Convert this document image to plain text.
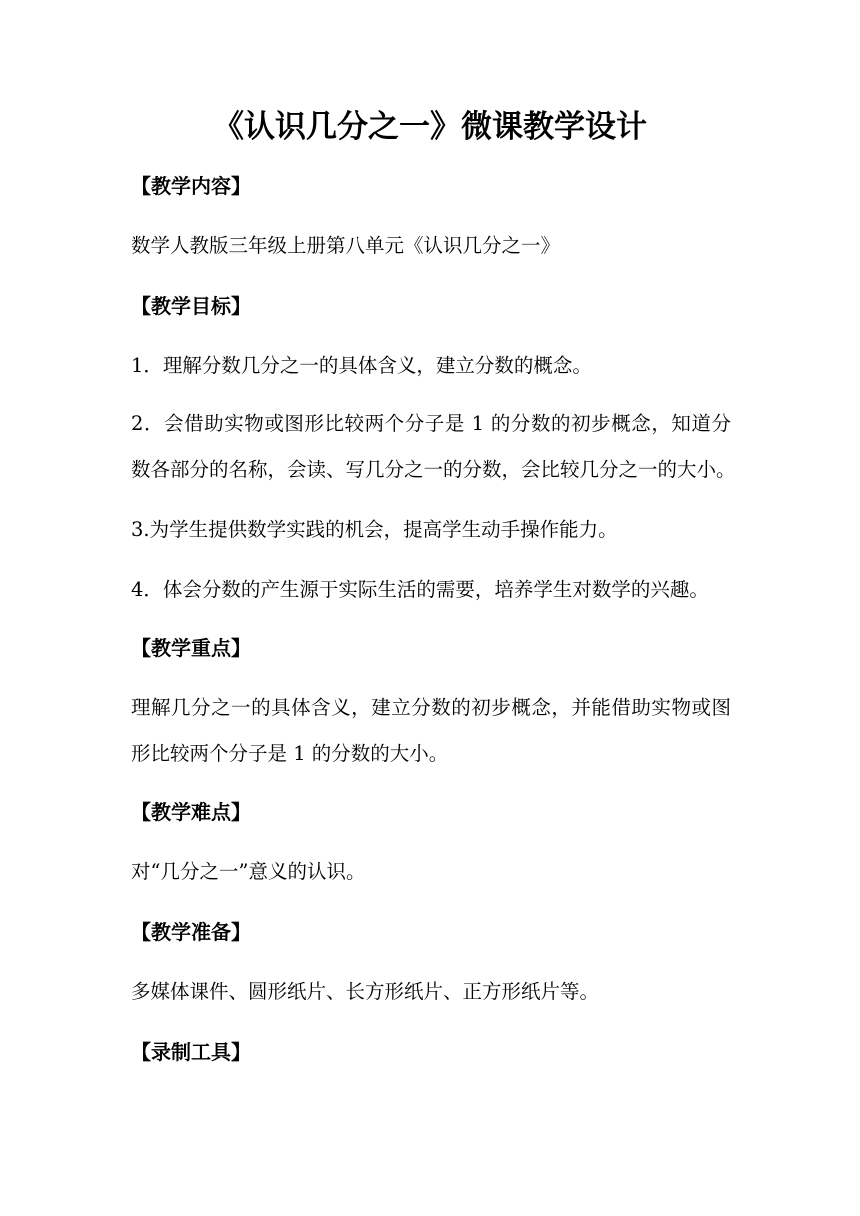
《认识几分之一》微课教学设计
【教学内容】
数学人教版三年级上册第八单元《认识几分之一》
【教学目标】
1．理解分数几分之一的具体含义，建立分数的概念。
2．会借助实物或图形比较两个分子是 1 的分数的初步概念，知道分
数各部分的名称，会读、写几分之一的分数，会比较几分之一的大小。
3.为学生提供数学实践的机会，提高学生动手操作能力。
4．体会分数的产生源于实际生活的需要，培养学生对数学的兴趣。
【教学重点】
理解几分之一的具体含义，建立分数的初步概念，并能借助实物或图
形比较两个分子是 1 的分数的大小。
【教学难点】
对“几分之一”意义的认识。
【教学准备】
多媒体课件、圆形纸片、长方形纸片、正方形纸片等。
【录制工具】
